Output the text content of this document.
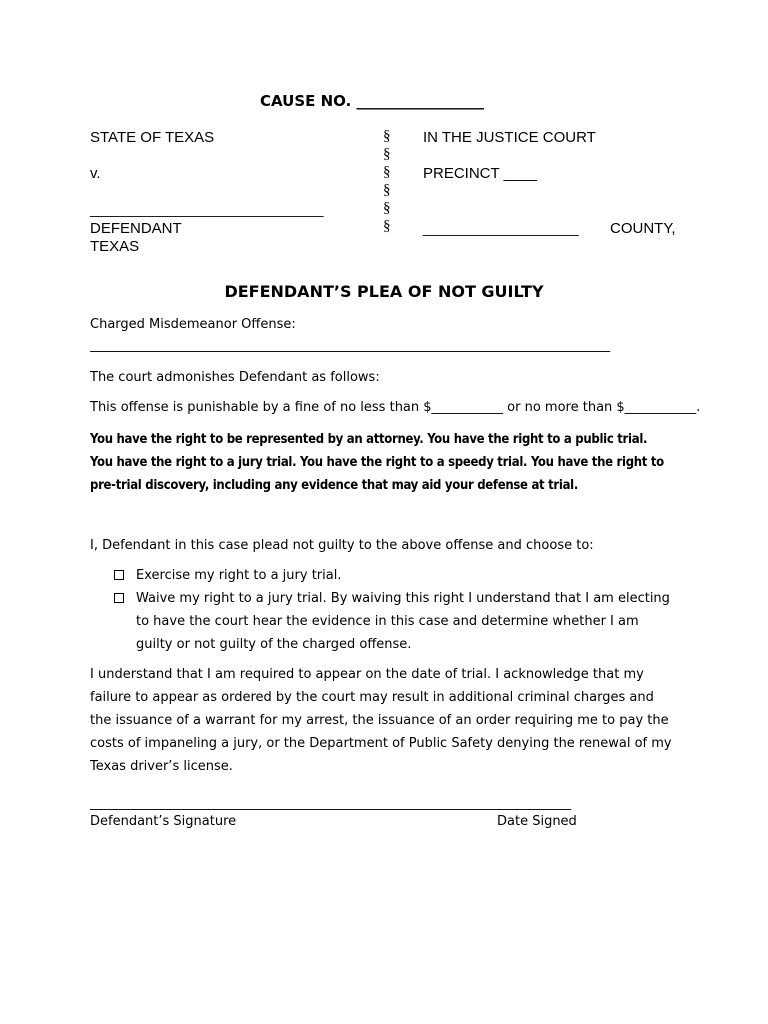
CAUSE NO. _________________
STATE OF TEXAS
v.
______________________________
DEFENDANT
TEXAS
§
§
§
§
§
§
IN THE JUSTICE COURT
PRECINCT ____
____________________ COUNTY,
DEFENDANT’S PLEA OF NOT GUILTY
Charged Misdemeanor Offense:
________________________________________________________________________________
The court admonishes Defendant as follows:
This offense is punishable by a fine of no less than $___________ or no more than $___________.
You have the right to be represented by an attorney. You have the right to a public trial. You have the right to a jury trial. You have the right to a speedy trial. You have the right to pre-trial discovery, including any evidence that may aid your defense at trial.
I, Defendant in this case plead not guilty to the above offense and choose to:
Exercise my right to a jury trial.
Waive my right to a jury trial. By waiving this right I understand that I am electing to have the court hear the evidence in this case and determine whether I am guilty or not guilty of the charged offense.
I understand that I am required to appear on the date of trial. I acknowledge that my failure to appear as ordered by the court may result in additional criminal charges and the issuance of a warrant for my arrest, the issuance of an order requiring me to pay the costs of impaneling a jury, or the Department of Public Safety denying the renewal of my Texas driver’s license.
__________________________________________________________________________
Defendant’s Signature	Date Signed
